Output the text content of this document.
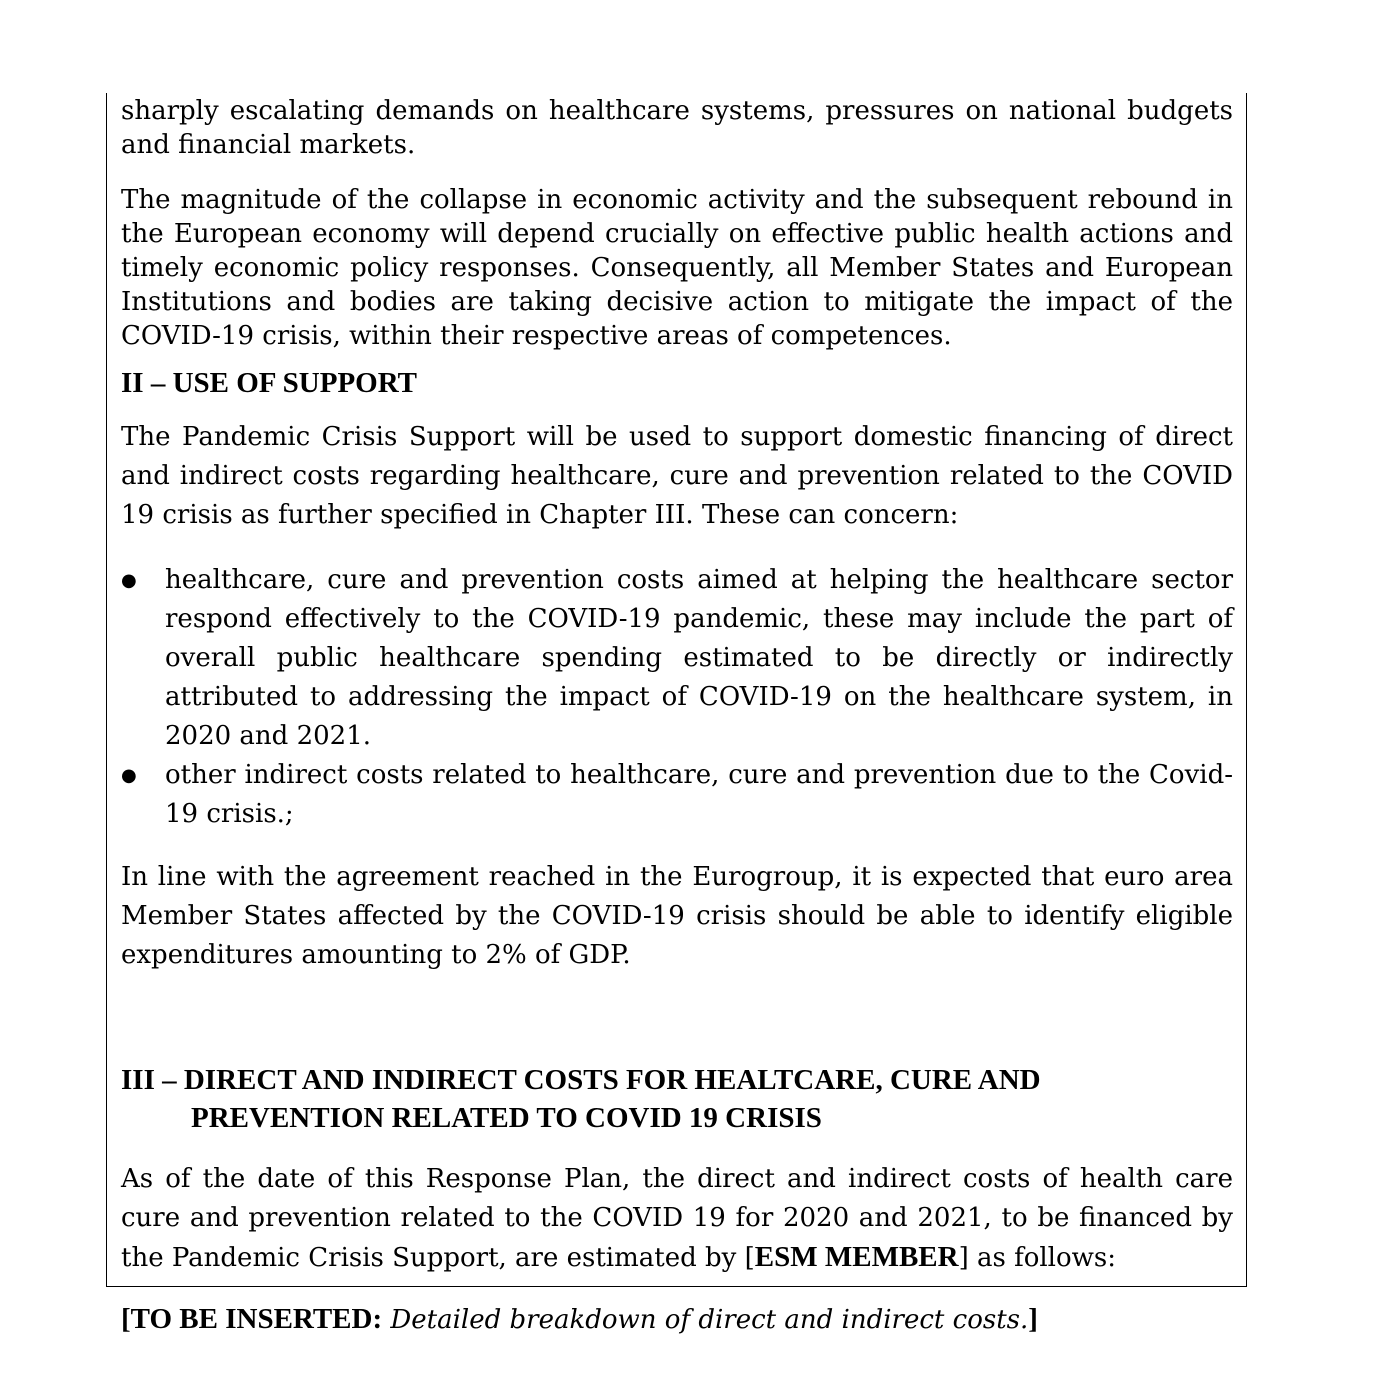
sharply escalating demands on healthcare systems, pressures on national budgets and financial markets.

The magnitude of the collapse in economic activity and the subsequent rebound in the European economy will depend crucially on effective public health actions and timely economic policy responses. Consequently, all Member States and European Institutions and bodies are taking decisive action to mitigate the impact of the COVID-19 crisis, within their respective areas of competences.

II – USE OF SUPPORT

The Pandemic Crisis Support will be used to support domestic financing of direct and indirect costs regarding healthcare, cure and prevention related to the COVID 19 crisis as further specified in Chapter III. These can concern:

● healthcare, cure and prevention costs aimed at helping the healthcare sector respond effectively to the COVID-19 pandemic, these may include the part of overall public healthcare spending estimated to be directly or indirectly attributed to addressing the impact of COVID-19 on the healthcare system, in 2020 and 2021.
● other indirect costs related to healthcare, cure and prevention due to the Covid-19 crisis.;

In line with the agreement reached in the Eurogroup, it is expected that euro area Member States affected by the COVID-19 crisis should be able to identify eligible expenditures amounting to 2% of GDP.

III – DIRECT AND INDIRECT COSTS FOR HEALTCARE, CURE AND
PREVENTION RELATED TO COVID 19 CRISIS

As of the date of this Response Plan, the direct and indirect costs of health care cure and prevention related to the COVID 19 for 2020 and 2021, to be financed by the Pandemic Crisis Support, are estimated by [ESM MEMBER] as follows:

[TO BE INSERTED: Detailed breakdown of direct and indirect costs.]
